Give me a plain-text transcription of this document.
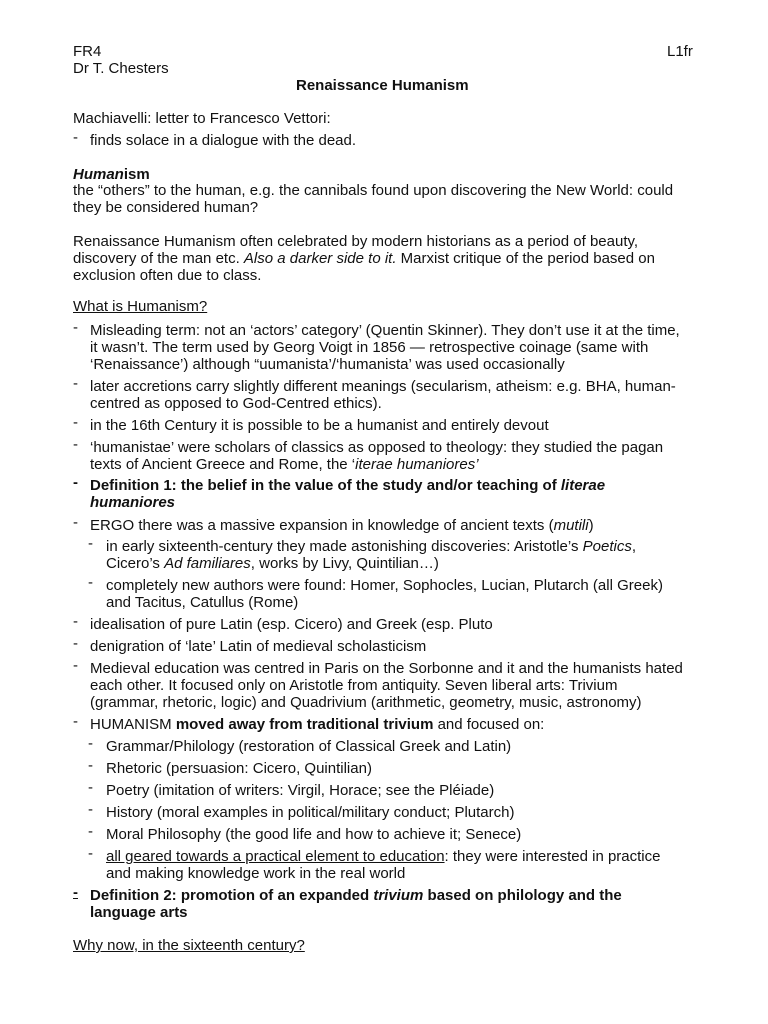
FR4
Dr T. Chesters
L1fr
Renaissance Humanism
Machiavelli: letter to Francesco Vettori:
- finds solace in a dialogue with the dead.
Humanism
the “others” to the human, e.g. the cannibals found upon discovering the New World: could they be considered human?
Renaissance Humanism often celebrated by modern historians as a period of beauty, discovery of the man etc. Also a darker side to it. Marxist critique of the period based on exclusion often due to class.
What is Humanism?
- Misleading term: not an ‘actors’ category’ (Quentin Skinner). They don’t use it at the time, it wasn’t. The term used by Georg Voigt in 1856 — retrospective coinage (same with ‘Renaissance’) although “uumanista’/‘humanista’ was used occasionally
- later accretions carry slightly different meanings (secularism, atheism: e.g. BHA, human-centred as opposed to God-Centred ethics).
- in the 16th Century it is possible to be a humanist and entirely devout
- ‘humanistae’ were scholars of classics as opposed to theology: they studied the pagan texts of Ancient Greece and Rome, the ‘iterae humaniores’
- Definition 1: the belief in the value of the study and/or teaching of literae humaniores
- ERGO there was a massive expansion in knowledge of ancient texts (mutili)
- in early sixteenth-century they made astonishing discoveries: Aristotle’s Poetics, Cicero’s Ad familiares, works by Livy, Quintilian…)
- completely new authors were found: Homer, Sophocles, Lucian, Plutarch (all Greek) and Tacitus, Catullus (Rome)
- idealisation of pure Latin (esp. Cicero) and Greek (esp. Pluto
- denigration of ‘late’ Latin of medieval scholasticism
- Medieval education was centred in Paris on the Sorbonne and it and the humanists hated each other. It focused only on Aristotle from antiquity. Seven liberal arts: Trivium (grammar, rhetoric, logic) and Quadrivium (arithmetic, geometry, music, astronomy)
- HUMANISM moved away from traditional trivium and focused on:
- Grammar/Philology (restoration of Classical Greek and Latin)
- Rhetoric (persuasion: Cicero, Quintilian)
- Poetry (imitation of writers: Virgil, Horace; see the Pléiade)
- History (moral examples in political/military conduct; Plutarch)
- Moral Philosophy (the good life and how to achieve it; Senece)
- all geared towards a practical element to education: they were interested in practice and making knowledge work in the real world
- Definition 2: promotion of an expanded trivium based on philology and the language arts
Why now, in the sixteenth century?
